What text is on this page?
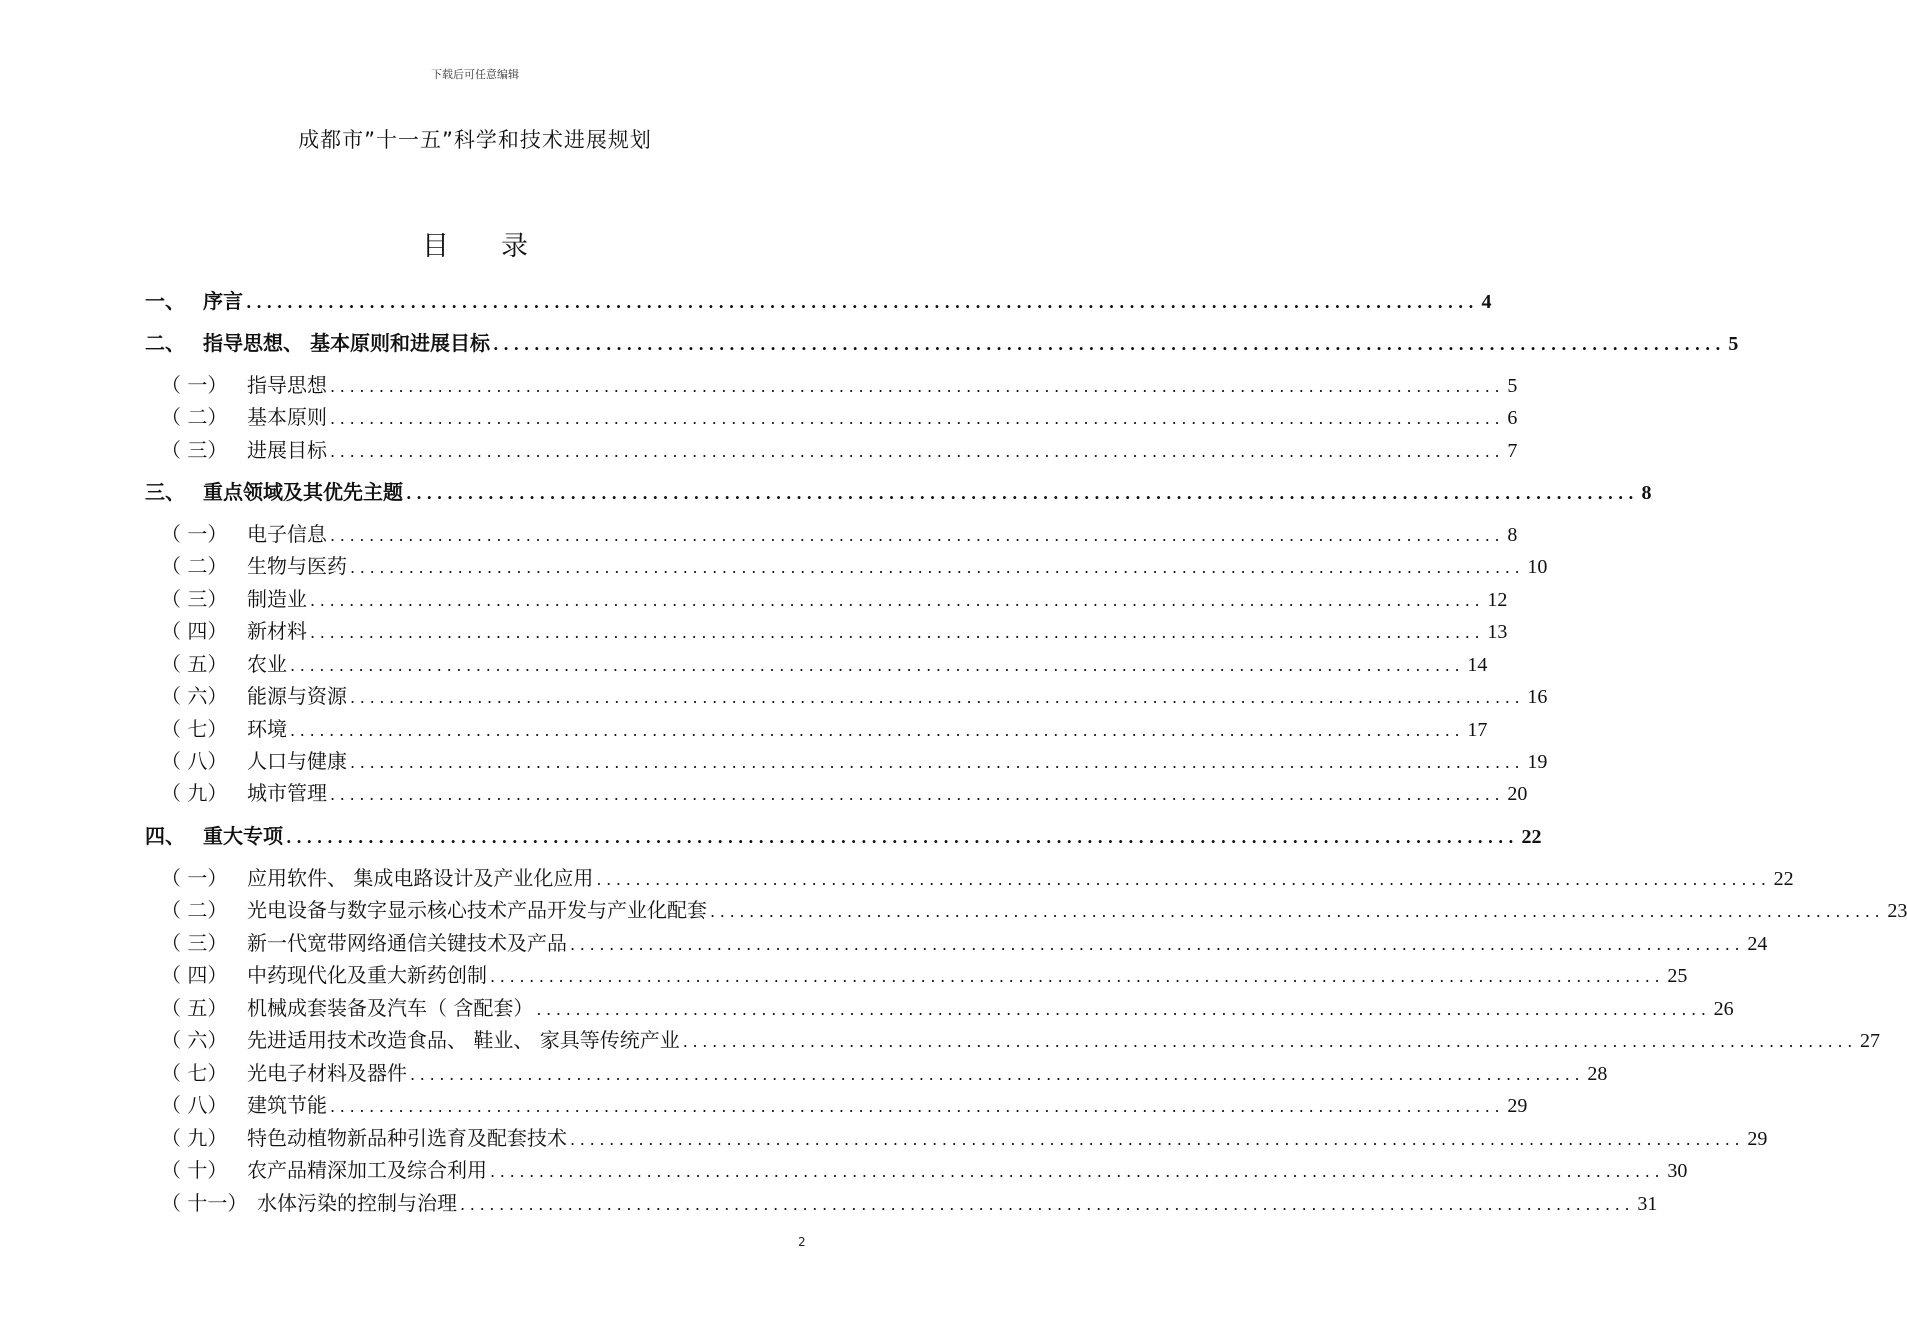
下载后可任意编辑
成都市”十一五”科学和技术进展规划
目 录
一、 序言 ........................................................................................................................ 4
二、 指导思想、 基本原则和进展目标 ........................................................................................................................ 5
（ 一） 指导思想 ........................................................................................................................ 5
（ 二） 基本原则 ........................................................................................................................ 6
（ 三） 进展目标 ........................................................................................................................ 7
三、 重点领域及其优先主题 ........................................................................................................................ 8
（ 一） 电子信息 ........................................................................................................................ 8
（ 二） 生物与医药 ........................................................................................................................ 10
（ 三） 制造业 ........................................................................................................................ 12
（ 四） 新材料 ........................................................................................................................ 13
（ 五） 农业 ........................................................................................................................ 14
（ 六） 能源与资源 ........................................................................................................................ 16
（ 七） 环境 ........................................................................................................................ 17
（ 八） 人口与健康 ........................................................................................................................ 19
（ 九） 城市管理 ........................................................................................................................ 20
四、 重大专项 ........................................................................................................................ 22
（ 一） 应用软件、 集成电路设计及产业化应用 ........................................................................................................................ 22
（ 二） 光电设备与数字显示核心技术产品开发与产业化配套 ........................................................................................................................ 23
（ 三） 新一代宽带网络通信关键技术及产品 ........................................................................................................................ 24
（ 四） 中药现代化及重大新药创制 ........................................................................................................................ 25
（ 五） 机械成套装备及汽车（ 含配套） ........................................................................................................................ 26
（ 六） 先进适用技术改造食品、 鞋业、 家具等传统产业 ........................................................................................................................ 27
（ 七） 光电子材料及器件 ........................................................................................................................ 28
（ 八） 建筑节能 ........................................................................................................................ 29
（ 九） 特色动植物新品种引选育及配套技术 ........................................................................................................................ 29
（ 十） 农产品精深加工及综合利用 ........................................................................................................................ 30
（ 十一） 水体污染的控制与治理 ........................................................................................................................ 31
2
